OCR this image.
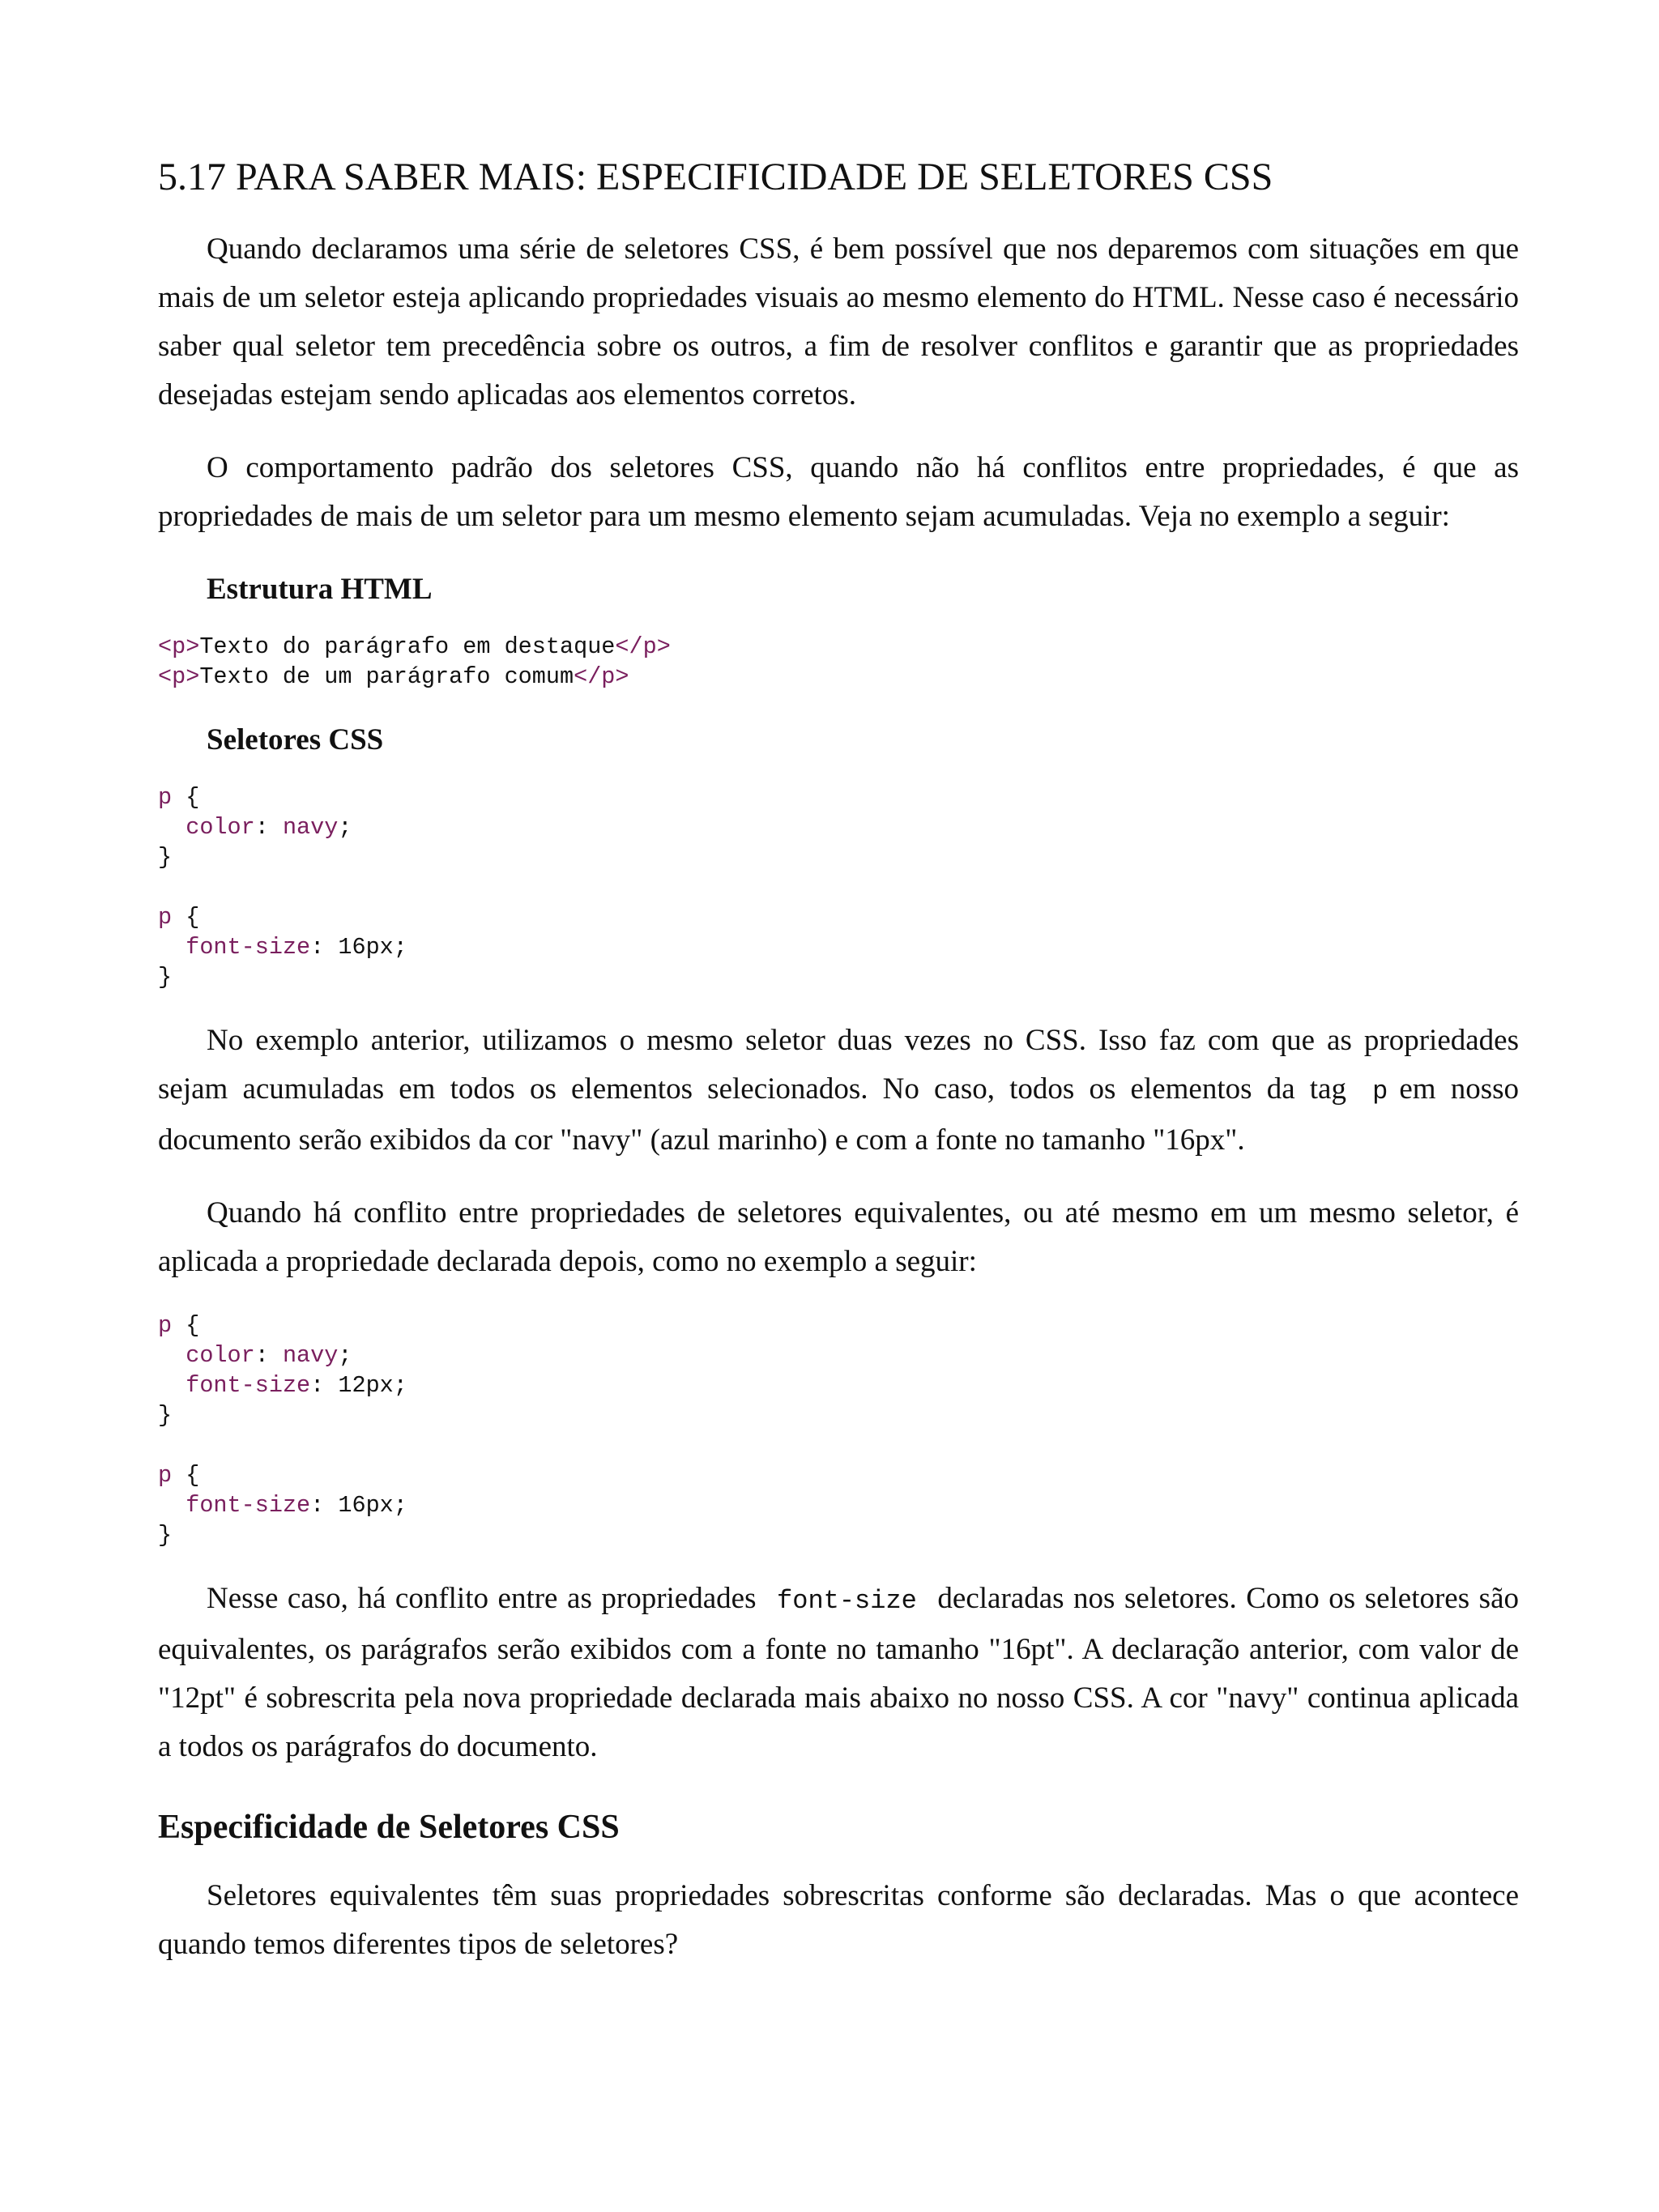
5.17 PARA SABER MAIS: ESPECIFICIDADE DE SELETORES CSS

Quando declaramos uma série de seletores CSS, é bem possível que nos deparemos com situações em que mais de um seletor esteja aplicando propriedades visuais ao mesmo elemento do HTML. Nesse caso é necessário saber qual seletor tem precedência sobre os outros, a fim de resolver conflitos e garantir que as propriedades desejadas estejam sendo aplicadas aos elementos corretos.

O comportamento padrão dos seletores CSS, quando não há conflitos entre propriedades, é que as propriedades de mais de um seletor para um mesmo elemento sejam acumuladas. Veja no exemplo a seguir:

Estrutura HTML

<p>Texto do parágrafo em destaque</p>
<p>Texto de um parágrafo comum</p>

Seletores CSS

p {
color: navy;
}

p {
font-size: 16px;
}

No exemplo anterior, utilizamos o mesmo seletor duas vezes no CSS. Isso faz com que as propriedades sejam acumuladas em todos os elementos selecionados. No caso, todos os elementos da tag p em nosso documento serão exibidos da cor "navy" (azul marinho) e com a fonte no tamanho "16px".

Quando há conflito entre propriedades de seletores equivalentes, ou até mesmo em um mesmo seletor, é aplicada a propriedade declarada depois, como no exemplo a seguir:

p {
color: navy;
font-size: 12px;
}

p {
font-size: 16px;
}

Nesse caso, há conflito entre as propriedades font-size declaradas nos seletores. Como os seletores são equivalentes, os parágrafos serão exibidos com a fonte no tamanho "16pt". A declaração anterior, com valor de "12pt" é sobrescrita pela nova propriedade declarada mais abaixo no nosso CSS. A cor "navy" continua aplicada a todos os parágrafos do documento.

Especificidade de Seletores CSS

Seletores equivalentes têm suas propriedades sobrescritas conforme são declaradas. Mas o que acontece quando temos diferentes tipos de seletores?
